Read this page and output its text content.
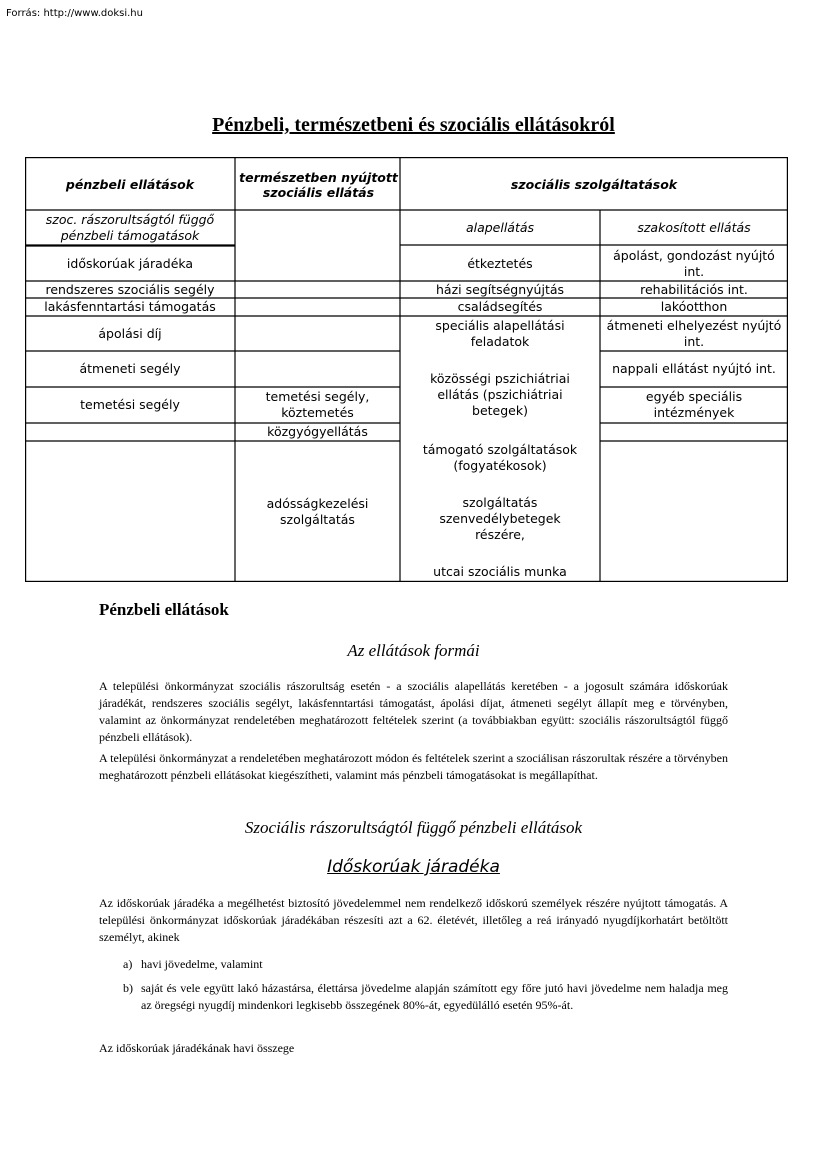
Forrás: http://www.doksi.hu
Pénzbeli, természetbeni és szociális ellátásokról
pénzbeli ellátások	természetben nyújtott szociális ellátás
szociális szolgáltatások
szoc. rászorultságtól függő pénzbeli támogatások
alapellátás	szakosított ellátás
időskorúak járadéka
rendszeres szociális segély
lakásfenntartási támogatás
ápolási díj
átmeneti segély
temetési segély
temetési segély, köztemetés
közgyógyellátás
adósságkezelési szolgáltatás
étkeztetés
házi segítségnyújtás
családsegítés
speciális alapellátási feladatok
közösségi pszichiátriai ellátás (pszichiátriai betegek)
támogató szolgáltatások (fogyatékosok)
szolgáltatás szenvedélybetegek részére,
utcai szociális munka
ápolást, gondozást nyújtó int.
rehabilitációs int.
lakóotthon
átmeneti elhelyezést nyújtó int.
nappali ellátást nyújtó int.
egyéb speciális intézmények
Pénzbeli ellátások
Az ellátások formái

A települési önkormányzat szociális rászorultság esetén - a szociális alapellátás keretében - a jogosult számára időskorúak járadékát, rendszeres szociális segélyt, lakásfenntartási támogatást, ápolási díjat, átmeneti segélyt állapít meg e törvényben, valamint az önkormányzat rendeletében meghatározott feltételek szerint (a továbbiakban együtt: szociális rászorultságtól függő pénzbeli ellátások).

A települési önkormányzat a rendeletében meghatározott módon és feltételek szerint a szociálisan rászorultak részére a törvényben meghatározott pénzbeli ellátásokat kiegészítheti, valamint más pénzbeli támogatásokat is megállapíthat.

Szociális rászorultságtól függő pénzbeli ellátások
Időskorúak járadéka

Az időskorúak járadéka a megélhetést biztosító jövedelemmel nem rendelkező időskorú személyek részére nyújtott támogatás. A települési önkormányzat időskorúak járadékában részesíti azt a 62. életévét, illetőleg a reá irányadó nyugdíjkorhatárt betöltött személyt, akinek

a) havi jövedelme, valamint
b) saját és vele együtt lakó házastársa, élettársa jövedelme alapján számított egy főre jutó havi jövedelme nem haladja meg az öregségi nyugdíj mindenkori legkisebb összegének 80%-át, egyedülálló esetén 95%-át.

Az időskorúak járadékának havi összege
